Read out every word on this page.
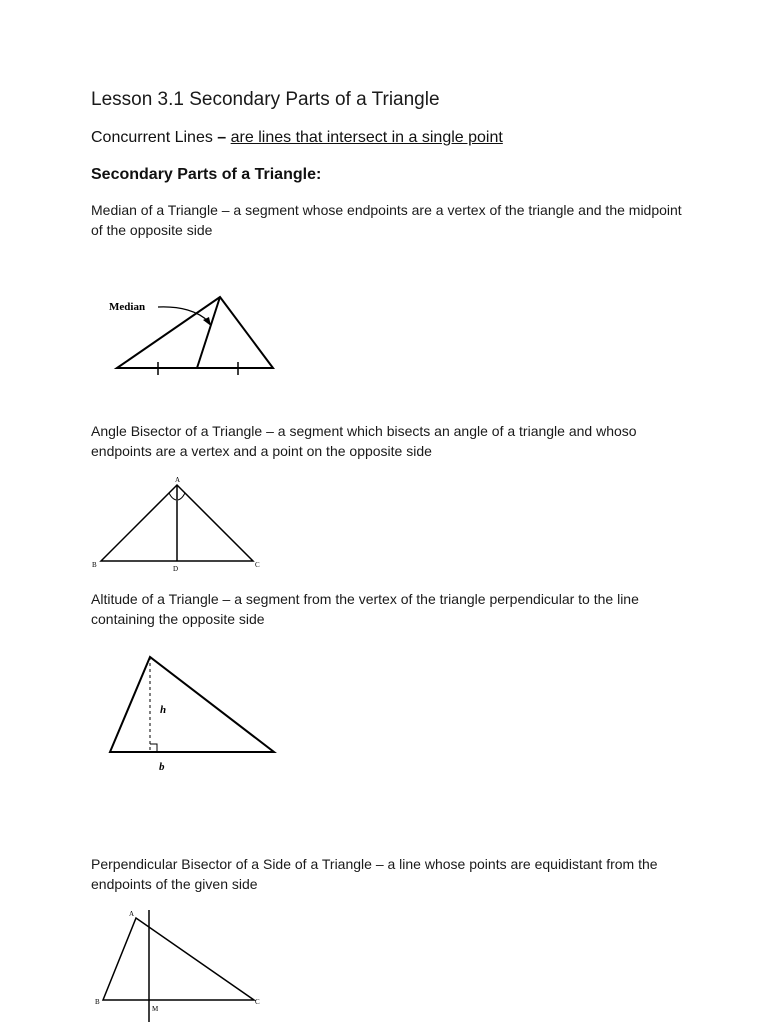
Lesson 3.1 Secondary Parts of a Triangle
Concurrent Lines – are lines that intersect in a single point
Secondary Parts of a Triangle:
Median of a Triangle – a segment whose endpoints are a vertex of the triangle and the midpoint of the opposite side
Median
Angle Bisector of a Triangle – a segment which bisects an angle of a triangle and whoso endpoints are a vertex and a point on the opposite side
A
B	C
D
Altitude of a Triangle – a segment from the vertex of the triangle perpendicular to the line containing the opposite side
h
b
Perpendicular Bisector of a Side of a Triangle – a line whose points are equidistant from the endpoints of the given side
A
B	C
M
